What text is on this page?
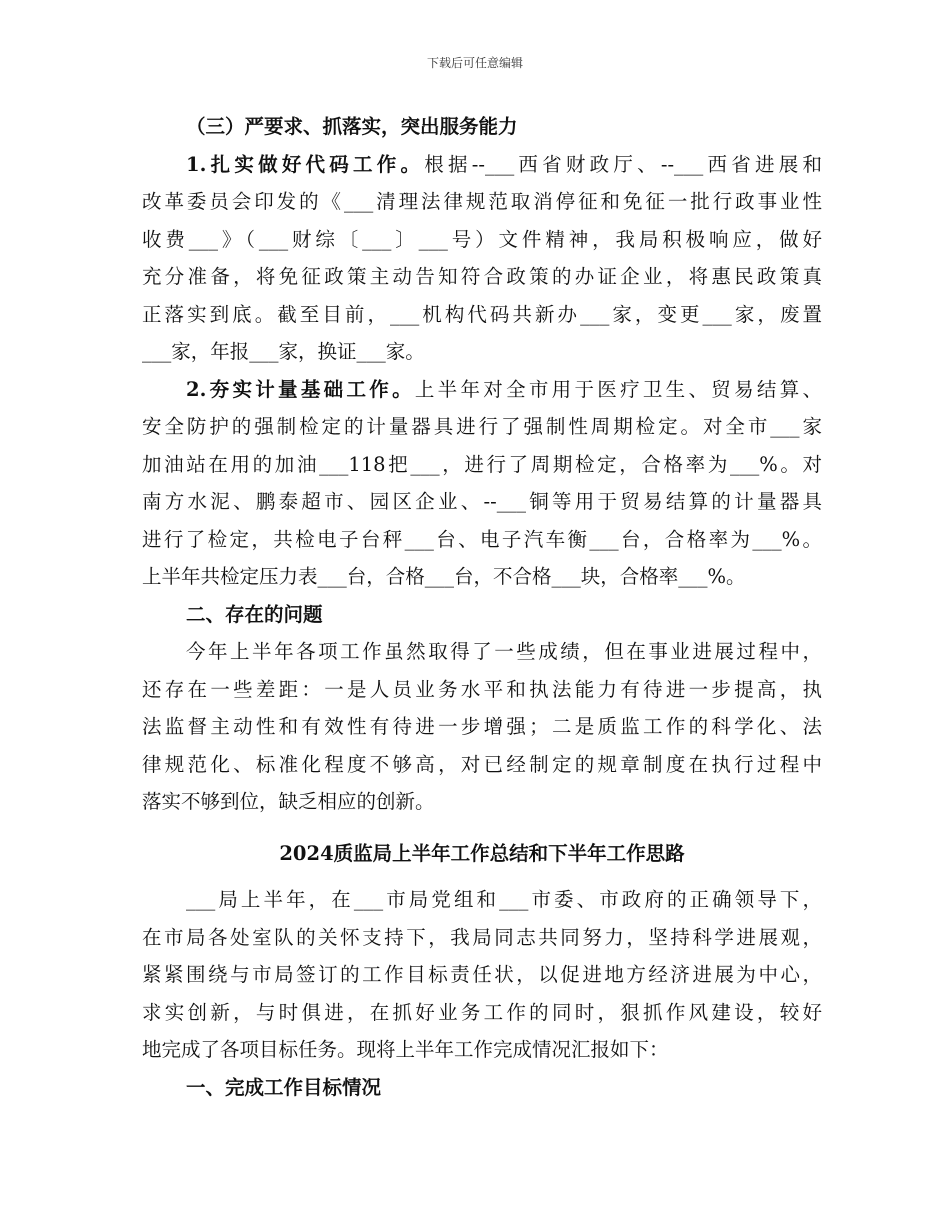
下载后可任意编辑
（三）严要求、抓落实，突出服务能力
1.扎实做好代码工作。根据--___西省财政厅、--___西省进展和
改革委员会印发的《___清理法律规范取消停征和免征一批行政事业性
收费___》（___财综〔___〕___号）文件精神，我局积极响应，做好
充分准备，将免征政策主动告知符合政策的办证企业，将惠民政策真
正落实到底。截至目前，___机构代码共新办___家，变更___家，废置
___家，年报___家，换证___家。
2.夯实计量基础工作。上半年对全市用于医疗卫生、贸易结算、
安全防护的强制检定的计量器具进行了强制性周期检定。对全市___家
加油站在用的加油___118把___，进行了周期检定，合格率为___%。对
南方水泥、鹏泰超市、园区企业、--___铜等用于贸易结算的计量器具
进行了检定，共检电子台秤___台、电子汽车衡___台，合格率为___%。
上半年共检定压力表___台，合格___台，不合格___块，合格率___%。
二、存在的问题
今年上半年各项工作虽然取得了一些成绩，但在事业进展过程中，
还存在一些差距：一是人员业务水平和执法能力有待进一步提高，执
法监督主动性和有效性有待进一步增强；二是质监工作的科学化、法
律规范化、标准化程度不够高，对已经制定的规章制度在执行过程中
落实不够到位，缺乏相应的创新。
2024质监局上半年工作总结和下半年工作思路
___局上半年，在___市局党组和___市委、市政府的正确领导下，
在市局各处室队的关怀支持下，我局同志共同努力，坚持科学进展观，
紧紧围绕与市局签订的工作目标责任状，以促进地方经济进展为中心，
求实创新，与时俱进，在抓好业务工作的同时，狠抓作风建设，较好
地完成了各项目标任务。现将上半年工作完成情况汇报如下：
一、完成工作目标情况
